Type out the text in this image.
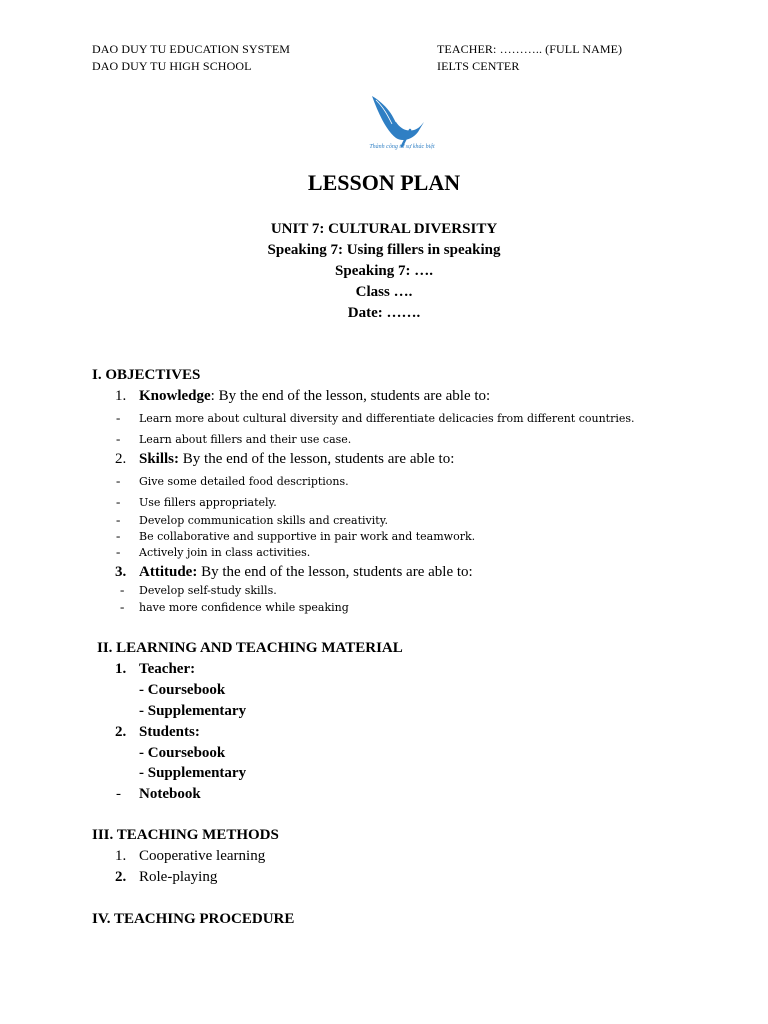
DAO DUY TU EDUCATION SYSTEM
DAO DUY TU HIGH SCHOOL
TEACHER: ……….. (FULL NAME)
IELTS CENTER
Thành công từ sự khác biệt
LESSON PLAN
UNIT 7: CULTURAL DIVERSITY
Speaking 7: Using fillers in speaking
Speaking 7: ….
Class ….
Date: …….
I. OBJECTIVES
1. Knowledge: By the end of the lesson, students are able to:
- Learn more about cultural diversity and differentiate delicacies from different countries.
- Learn about fillers and their use case.
2. Skills: By the end of the lesson, students are able to:
- Give some detailed food descriptions.
- Use fillers appropriately.
- Develop communication skills and creativity.
- Be collaborative and supportive in pair work and teamwork.
- Actively join in class activities.
3. Attitude: By the end of the lesson, students are able to:
- Develop self-study skills.
- have more confidence while speaking
II. LEARNING AND TEACHING MATERIAL
1. Teacher:
- Coursebook
- Supplementary
2. Students:
- Coursebook
- Supplementary
- Notebook
III. TEACHING METHODS
1. Cooperative learning
2. Role-playing
IV. TEACHING PROCEDURE
